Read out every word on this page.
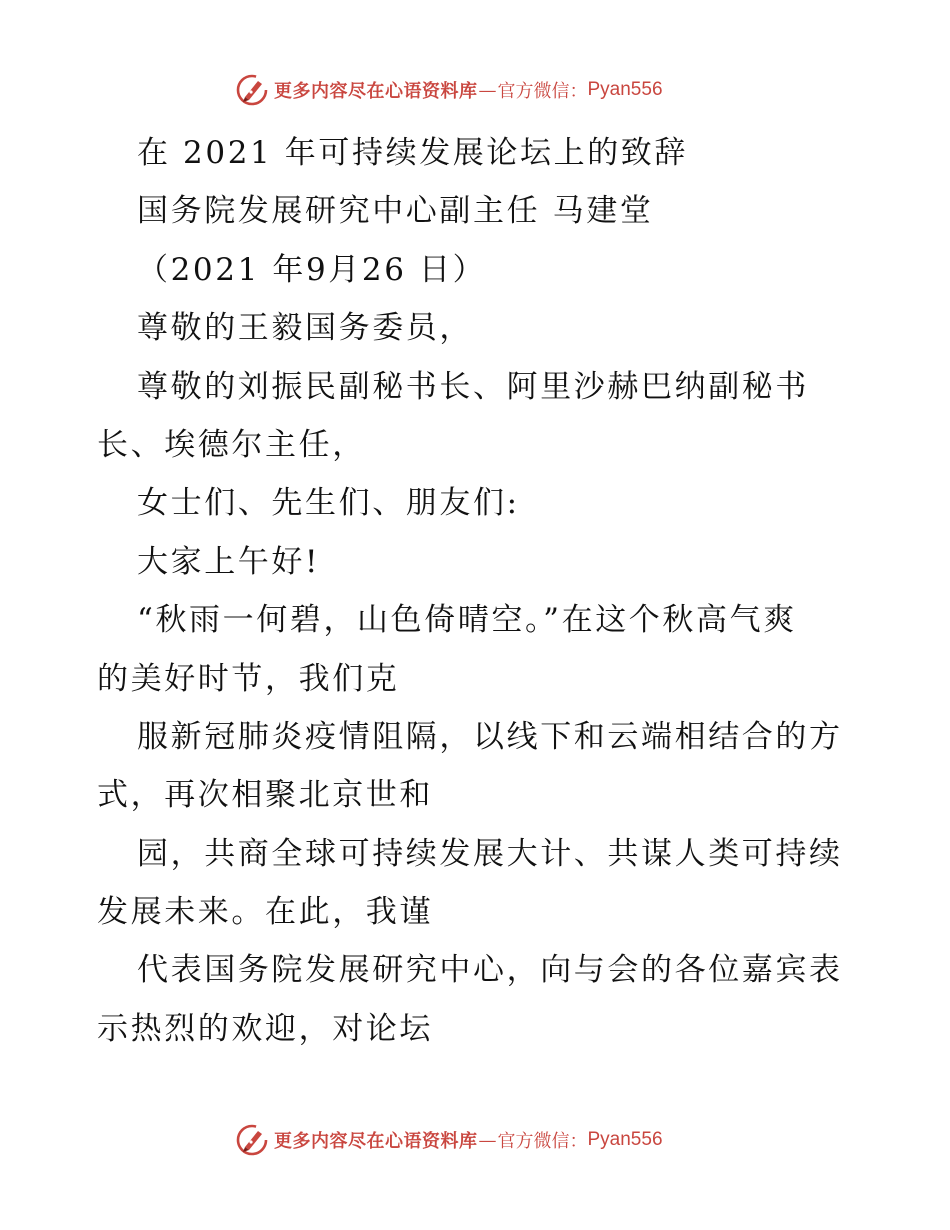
更多内容尽在心语资料库 — 官方微信： Pyan556
在 2021 年可持续发展论坛上的致辞
国务院发展研究中心副主任 马建堂
（2021 年9月26 日）
尊敬的王毅国务委员，
尊敬的刘振民副秘书长、阿里沙赫巴纳副秘书
长、埃德尔主任，
女士们、先生们、朋友们:
大家上午好!
“秋雨一何碧，山色倚晴空。”在这个秋高气爽
的美好时节，我们克
服新冠肺炎疫情阻隔，以线下和云端相结合的方
式，再次相聚北京世和
园，共商全球可持续发展大计、共谋人类可持续
发展未来。在此，我谨
代表国务院发展研究中心，向与会的各位嘉宾表
示热烈的欢迎，对论坛
更多内容尽在心语资料库 — 官方微信： Pyan556
